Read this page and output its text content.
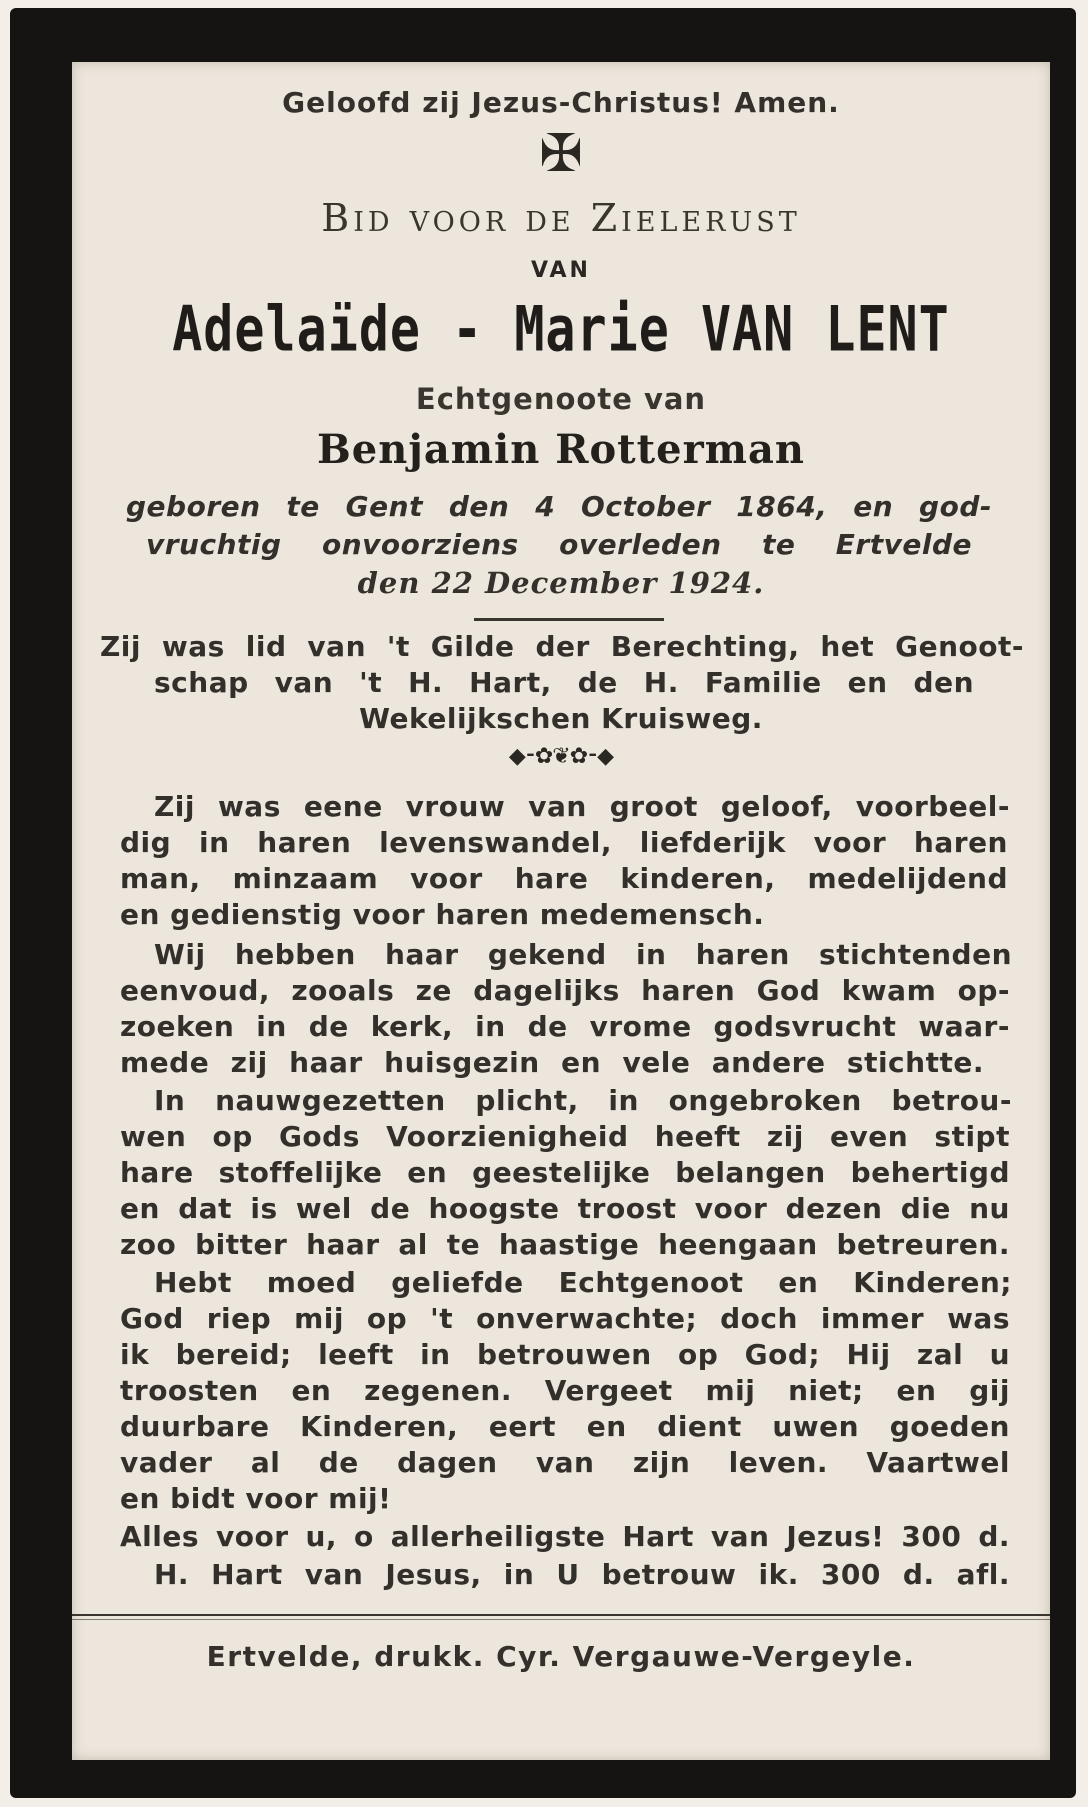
Geloofd zij Jezus-Christus! Amen.
✠
Bid voor de Zielerust
VAN
Adelaïde - Marie VAN LENT
Echtgenoote van
Benjamin Rotterman
geboren te Gent den 4 October 1864, en god-
vruchtig onvoorziens overleden te Ertvelde
den 22 December 1924.
Zij was lid van 't Gilde der Berechting, het Genoot-
schap van 't H. Hart, de H. Familie en den
Wekelijkschen Kruisweg.
◆⁃✿❦✿⁃◆
Zij was eene vrouw van groot geloof, voorbeel-
dig in haren levenswandel, liefderijk voor haren
man, minzaam voor hare kinderen, medelijdend
en gedienstig voor haren medemensch.
Wij hebben haar gekend in haren stichtenden
eenvoud, zooals ze dagelijks haren God kwam op-
zoeken in de kerk, in de vrome godsvrucht waar-
mede zij haar huisgezin en vele andere stichtte.
In nauwgezetten plicht, in ongebroken betrou-
wen op Gods Voorzienigheid heeft zij even stipt
hare stoffelijke en geestelijke belangen behertigd
en dat is wel de hoogste troost voor dezen die nu
zoo bitter haar al te haastige heengaan betreuren.
Hebt moed geliefde Echtgenoot en Kinderen;
God riep mij op 't onverwachte; doch immer was
ik bereid; leeft in betrouwen op God; Hij zal u
troosten en zegenen. Vergeet mij niet; en gij
duurbare Kinderen, eert en dient uwen goeden
vader al de dagen van zijn leven. Vaartwel
en bidt voor mij!
Alles voor u, o allerheiligste Hart van Jezus! 300 d.
H. Hart van Jesus, in U betrouw ik. 300 d. afl.
Ertvelde, drukk. Cyr. Vergauwe-Vergeyle.
